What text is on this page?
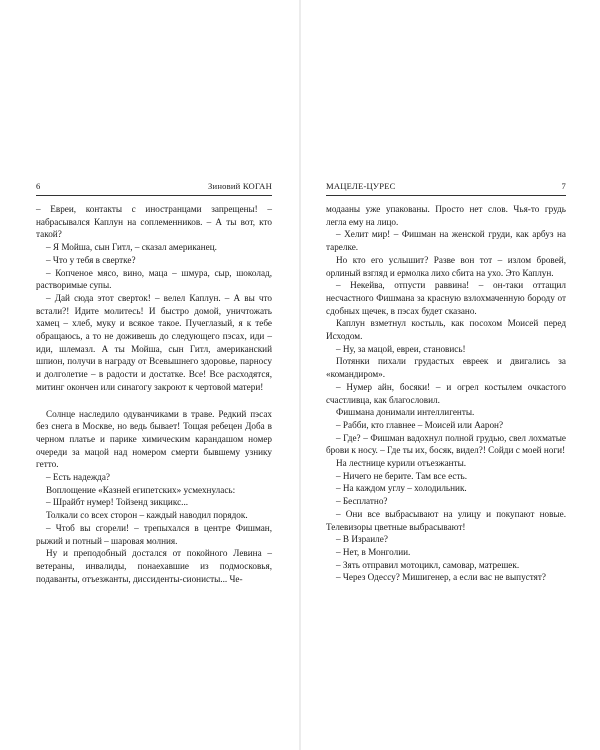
6	Зиновий КОГАН

– Евреи, контакты с иностранцами запрещены! – набрасывался Каплун на соплеменников. – А ты вот, кто такой?

– Я Мойша, сын Гитл, – сказал американец.

– Что у тебя в свертке?

– Копченое мясо, вино, маца – шмура, сыр, шоколад, растворимые супы.

– Дай сюда этот сверток! – велел Каплун. – А вы что встали?! Идите молитесь! И быстро домой, уничтожать хамец – хлеб, муку и всякое такое. Пучеглазый, я к тебе обращаюсь, а то не доживешь до следующего пэсах, иди – иди, шлемазл. А ты Мойша, сын Гитл, американский шпион, получи в награду от Всевышнего здоровье, парносу и долголетие – в радости и достатке. Все! Все расходятся, митинг окончен или синагогу закроют к чертовой матери!

Солнце наследило одуванчиками в траве. Редкий пэсах без снега в Москве, но ведь бывает! Тощая ребецен Доба в черном платье и парике химическим карандашом номер очереди за мацой над номером смерти бывшему узнику гетто.

– Есть надежда?

Воплощение «Казней египетских» усмехнулась:

– Шрайбт нумер! Тойзенд зикцикс...

Толкали со всех сторон – каждый наводил порядок.

– Чтоб вы сгорели! – трепыхался в центре Фишман, рыжий и потный – шаровая молния.

Ну и преподобный достался от покойного Левина – ветераны, инвалиды, понаехавшие из подмосковья, подаванты, отъезжанты, диссиденты-сионисты... Че-

МАЦЕЛЕ-ЦУРЕС	7

модааны уже упакованы. Просто нет слов. Чья-то грудь легла ему на лицо.

– Хелит мир! – Фишман на женской груди, как арбуз на тарелке.

Но кто его услышит? Разве вон тот – излом бровей, орлиный взгляд и ермолка лихо сбита на ухо. Это Каплун.

– Некейва, отпусти раввина! – он-таки оттащил несчастного Фишмана за красную взлохмаченную бороду от сдобных щечек, в пэсах будет сказано.

Каплун взметнул костыль, как посохом Моисей перед Исходом.

– Ну, за мацой, евреи, становись!

Потянки пихали грудастых евреек и двигались за «командиром».

– Нумер айн, босяки! – и огрел костылем очкастого счастливца, как благословил.

Фишмана донимали интеллигенты.

– Рабби, кто главнее – Моисей или Аарон?

– Где? – Фишман вадохнул полной грудью, свел лохматые брови к носу. – Где ты их, босяк, видел?! Сойди с моей ноги!

На лестнице курили отъезжанты.

– Ничего не берите. Там все есть.

– На каждом углу – холодильник.

– Бесплатно?

– Они все выбрасывают на улицу и покупают новые. Телевизоры цветные выбрасывают!

– В Израиле?

– Нет, в Монголии.

– Зять отправил мотоцикл, самовар, матрешек.

– Через Одессу? Мишигенер, а если вас не выпустят?
